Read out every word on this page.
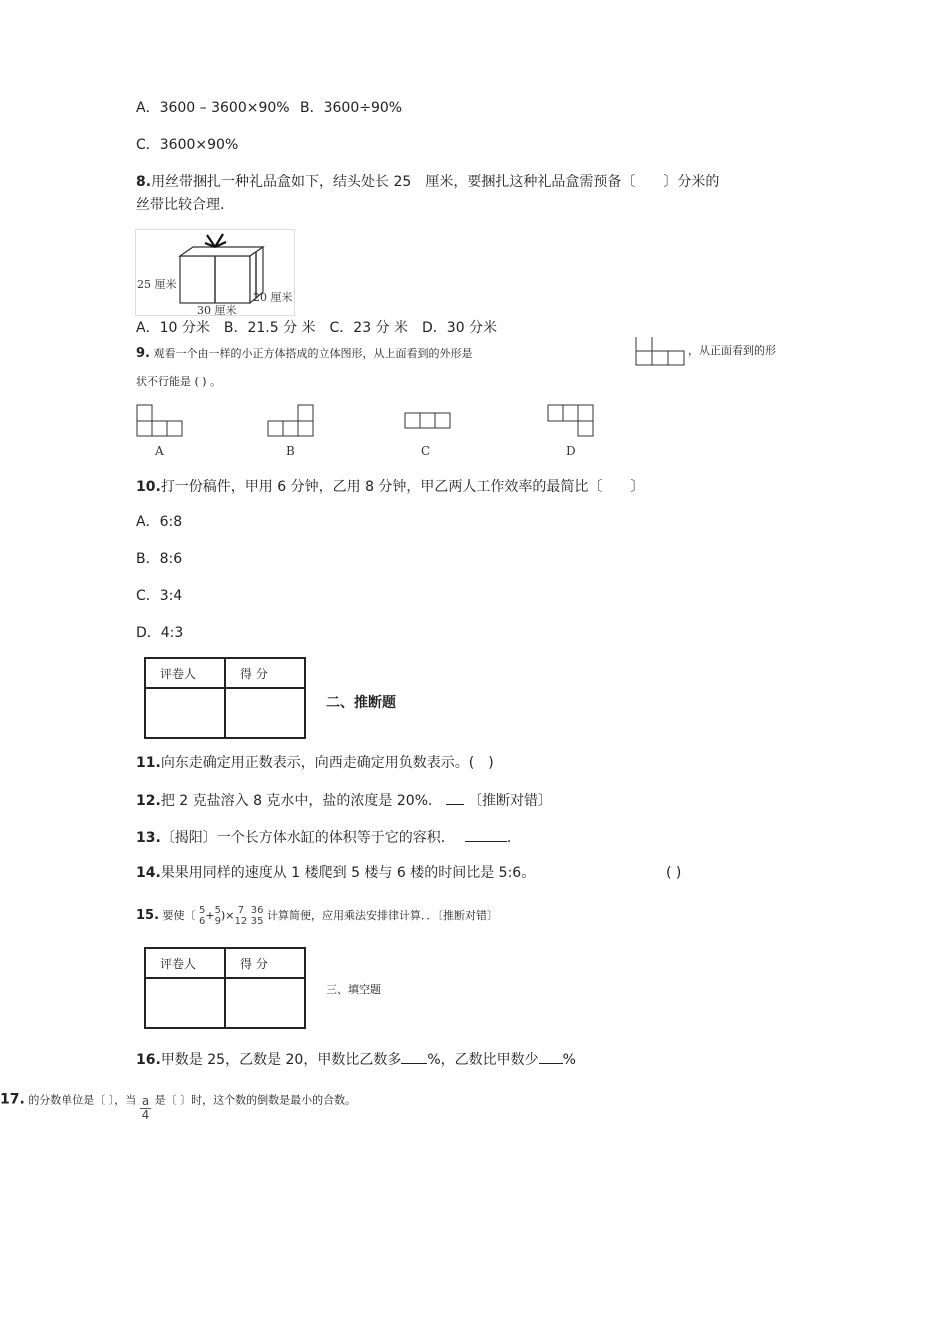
A．3600 – 3600×90% B．3600÷90%
C．3600×90%
8.用丝带捆扎一种礼品盒如下，结头处长 25　厘米，要捆扎这种礼品盒需预备〔　　〕分米的
丝带比较合理．
25 厘米
20 厘米
30 厘米
A．10 分米　B．21.5 分 米　C．23 分 米　D．30 分米
9. 观看一个由一样的小正方体搭成的立体图形，从上面看到的外形是	，从正面看到的形
状不行能是 ( ) 。
A	B	C	D
10.打一份稿件，甲用 6 分钟，乙用 8 分钟，甲乙两人工作效率的最简比〔　　〕
A．6:8
B．8:6
C．3:4
D．4:3
评卷人	得 分

二、推断题
11.向东走确定用正数表示，向西走确定用负数表示。(　)
12.把 2 克盐溶入 8 克水中，盐的浓度是 20%． 〔推断对错〕
13.〔揭阳〕一个长方体水缸的体积等于它的容积．	．
14.果果用同样的速度从 1 楼爬到 5 楼与 6 楼的时间比是 5:6。	( )
15. 要使〔 5
6+5
9)× 7
12 36
35 计算简便，应用乘法安排律计算．．〔推断对错〕
评卷人	得 分

三、填空题
16.甲数是 25，乙数是 20，甲数比乙数多 %，乙数比甲数少 %
17. 的分数单位是〔 〕，当 $\frac{a}{4}$ 是〔 〕时，这个数的倒数是最小的合数。
